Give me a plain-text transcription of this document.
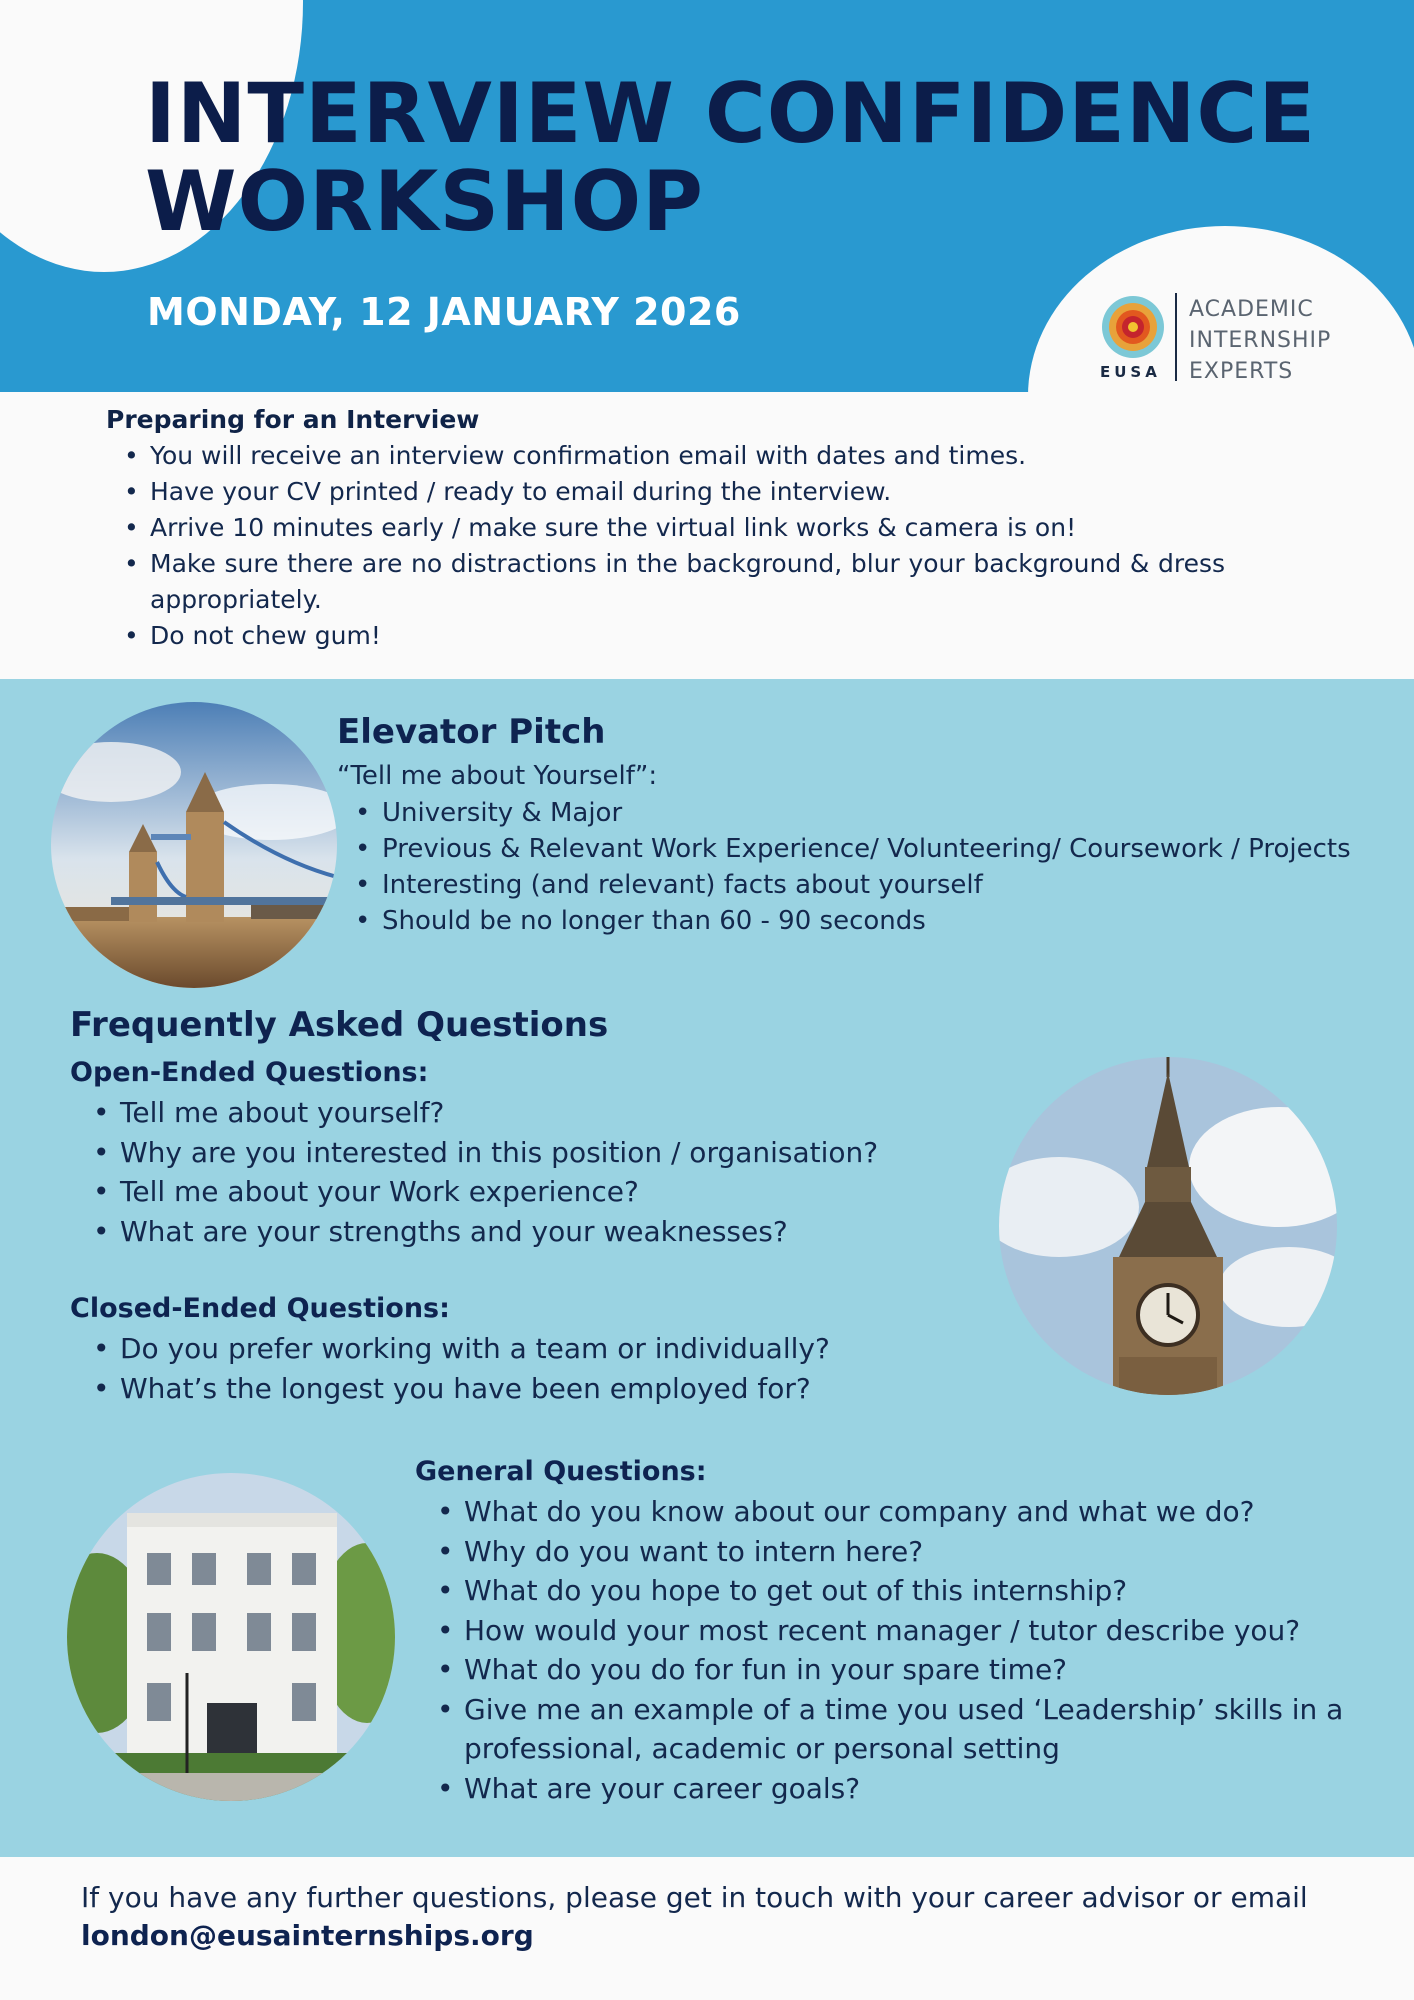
INTERVIEW CONFIDENCE
WORKSHOP
MONDAY, 12 JANUARY 2026
EUSA
ACADEMIC
INTERNSHIP
EXPERTS
Preparing for an Interview
• You will receive an interview confirmation email with dates and times.
• Have your CV printed / ready to email during the interview.
• Arrive 10 minutes early / make sure the virtual link works & camera is on!
• Make sure there are no distractions in the background, blur your background & dress appropriately.
• Do not chew gum!
Elevator Pitch
“Tell me about Yourself”:
• University & Major
• Previous & Relevant Work Experience/ Volunteering/ Coursework / Projects
• Interesting (and relevant) facts about yourself
• Should be no longer than 60 - 90 seconds
Frequently Asked Questions
Open-Ended Questions:
• Tell me about yourself?
• Why are you interested in this position / organisation?
• Tell me about your Work experience?
• What are your strengths and your weaknesses?
Closed-Ended Questions:
• Do you prefer working with a team or individually?
• What’s the longest you have been employed for?
General Questions:
• What do you know about our company and what we do?
• Why do you want to intern here?
• What do you hope to get out of this internship?
• How would your most recent manager / tutor describe you?
• What do you do for fun in your spare time?
• Give me an example of a time you used ‘Leadership’ skills in a professional, academic or personal setting
• What are your career goals?
If you have any further questions, please get in touch with your career advisor or email
london@eusainternships.org
